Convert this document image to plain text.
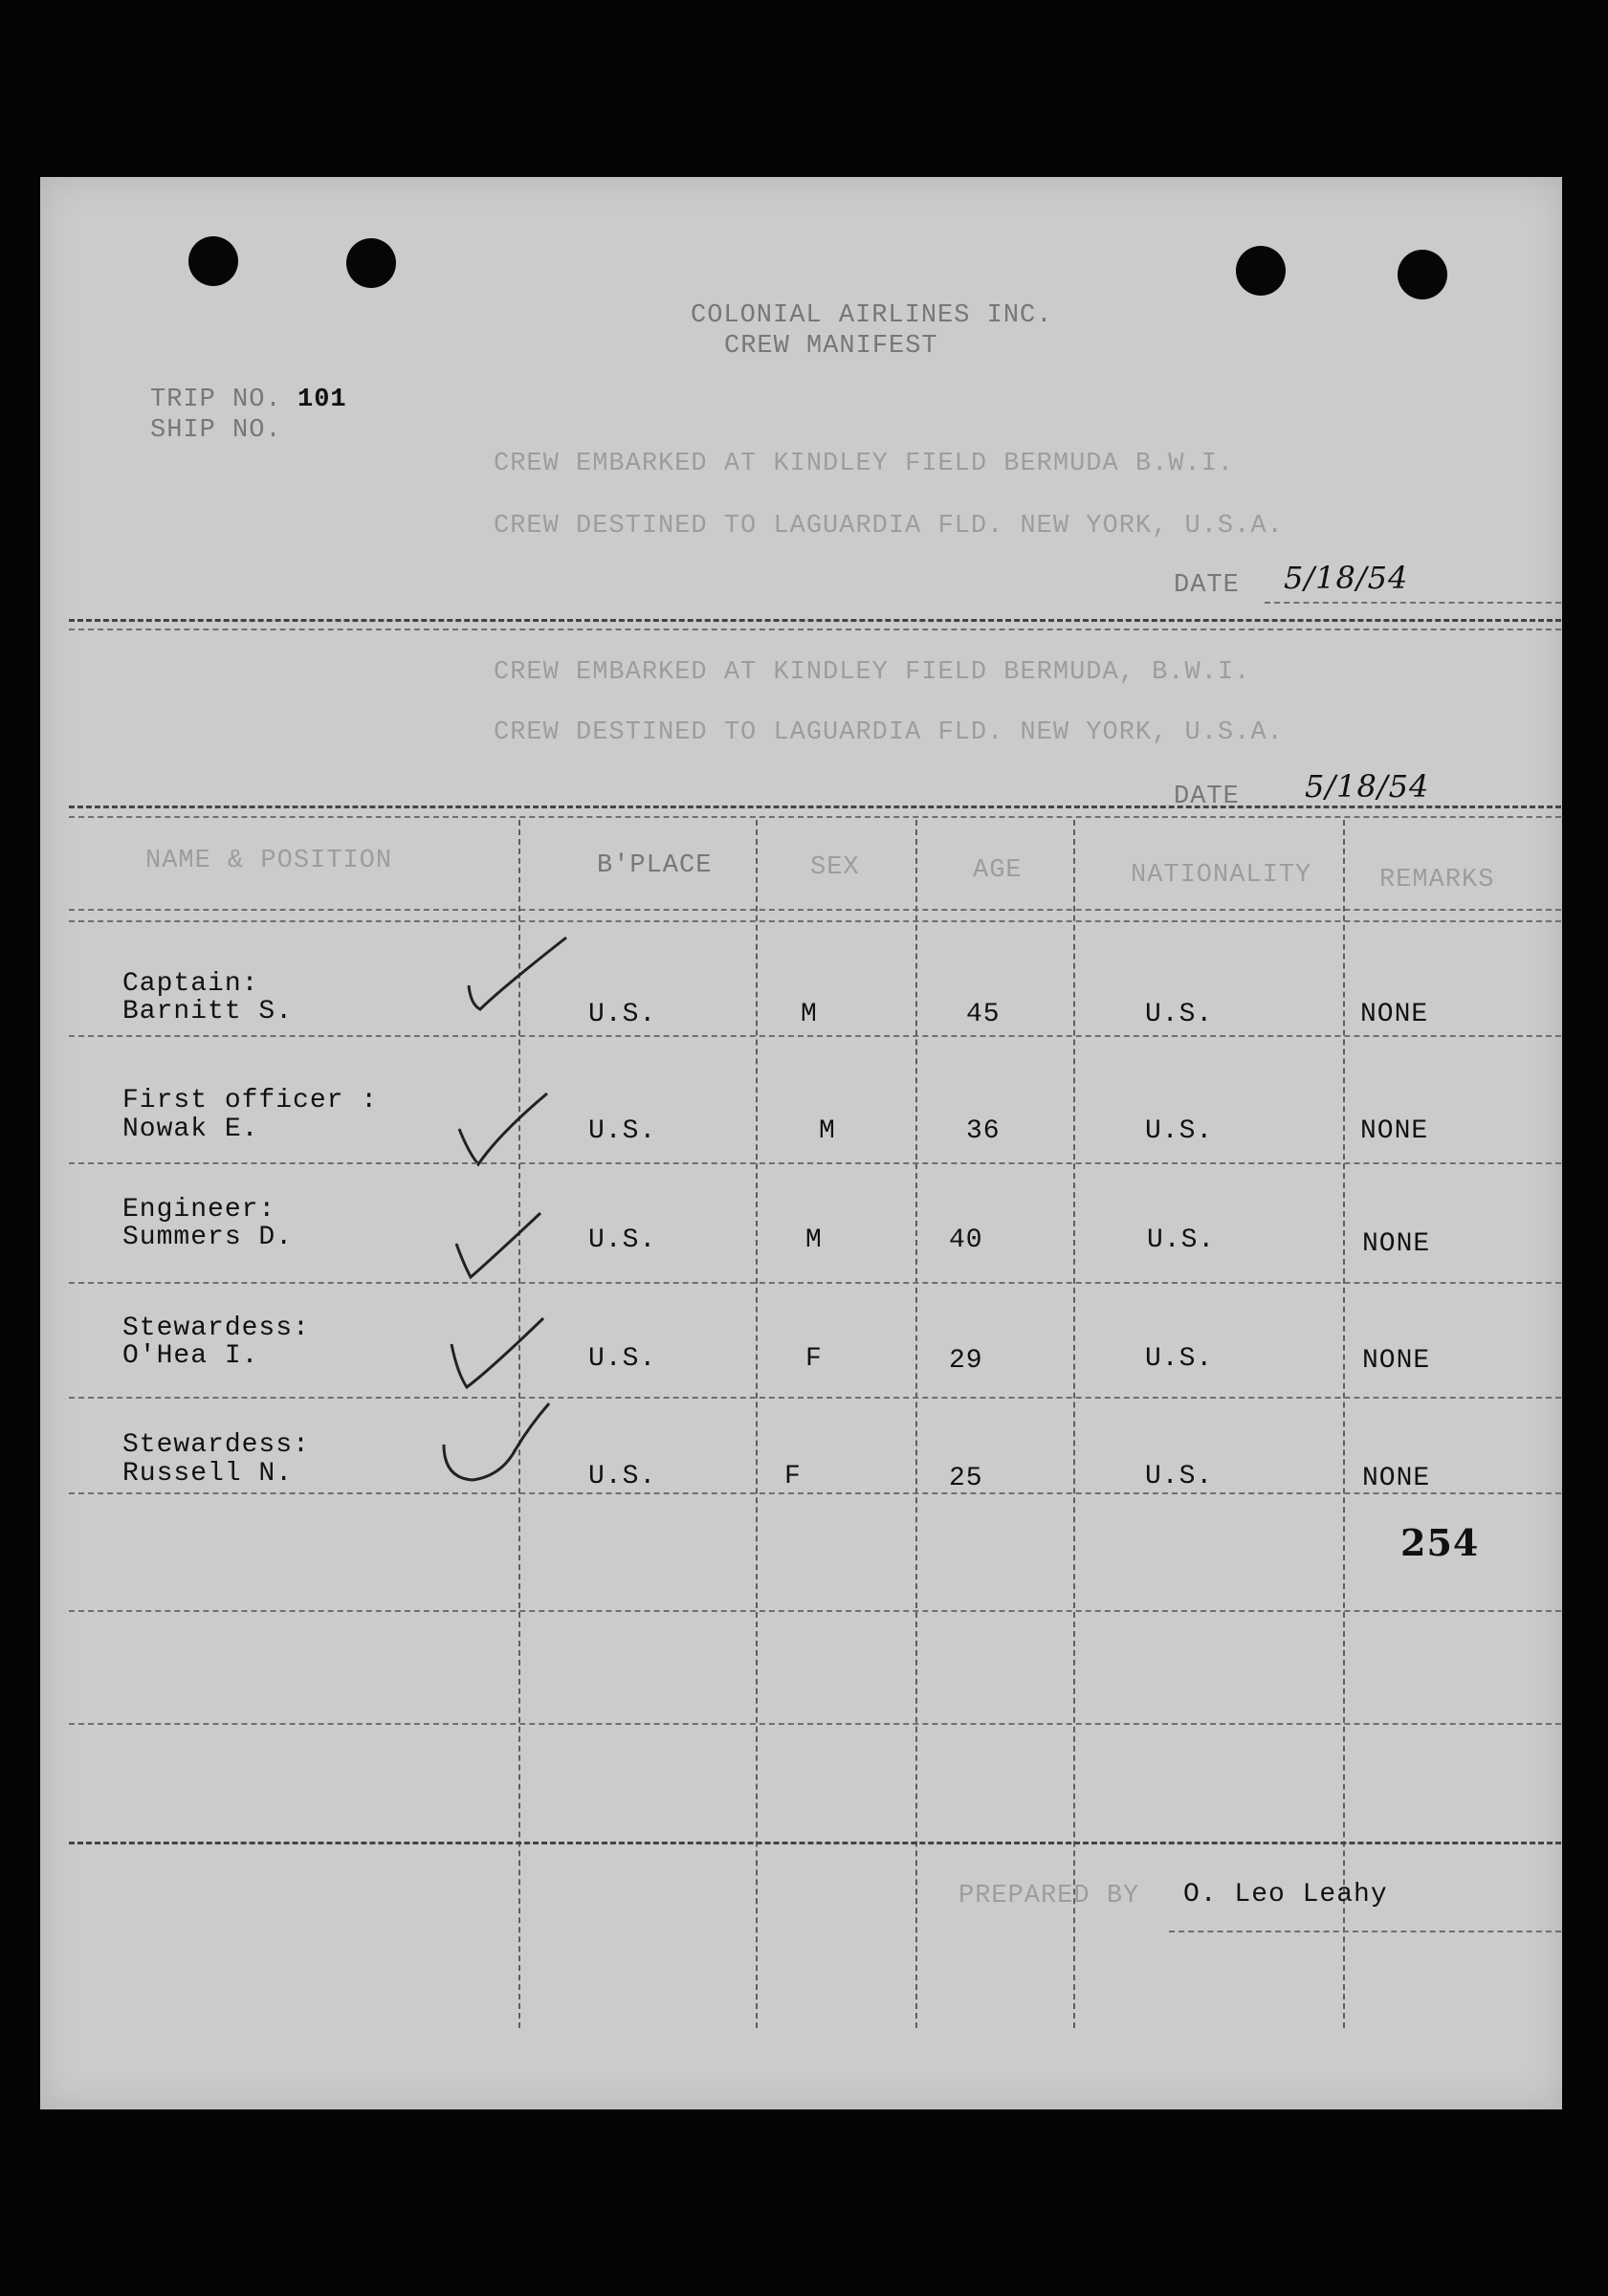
COLONIAL AIRLINES INC.
CREW MANIFEST
TRIP NO. 101
SHIP NO.
CREW EMBARKED AT KINDLEY FIELD BERMUDA B.W.I.
CREW DESTINED TO LAGUARDIA FLD. NEW YORK, U.S.A.
DATE 5/18/54
CREW EMBARKED AT KINDLEY FIELD BERMUDA, B.W.I.
CREW DESTINED TO LAGUARDIA FLD. NEW YORK, U.S.A.
DATE 5/18/54
NAME & POSITION	B'PLACE	SEX	AGE	NATIONALITY	REMARKS
Captain:
Barnitt S.	U.S.	M	45	U.S.	NONE
First officer :
Nowak E.	U.S.	M	36	U.S.	NONE
Engineer:
Summers D.	U.S.	M	40	U.S.	NONE
Stewardess:
O'Hea I.	U.S.	F	29	U.S.	NONE
Stewardess:
Russell N.	U.S.	F	25	U.S.	NONE
254
PREPARED BY O. Leo Leahy
